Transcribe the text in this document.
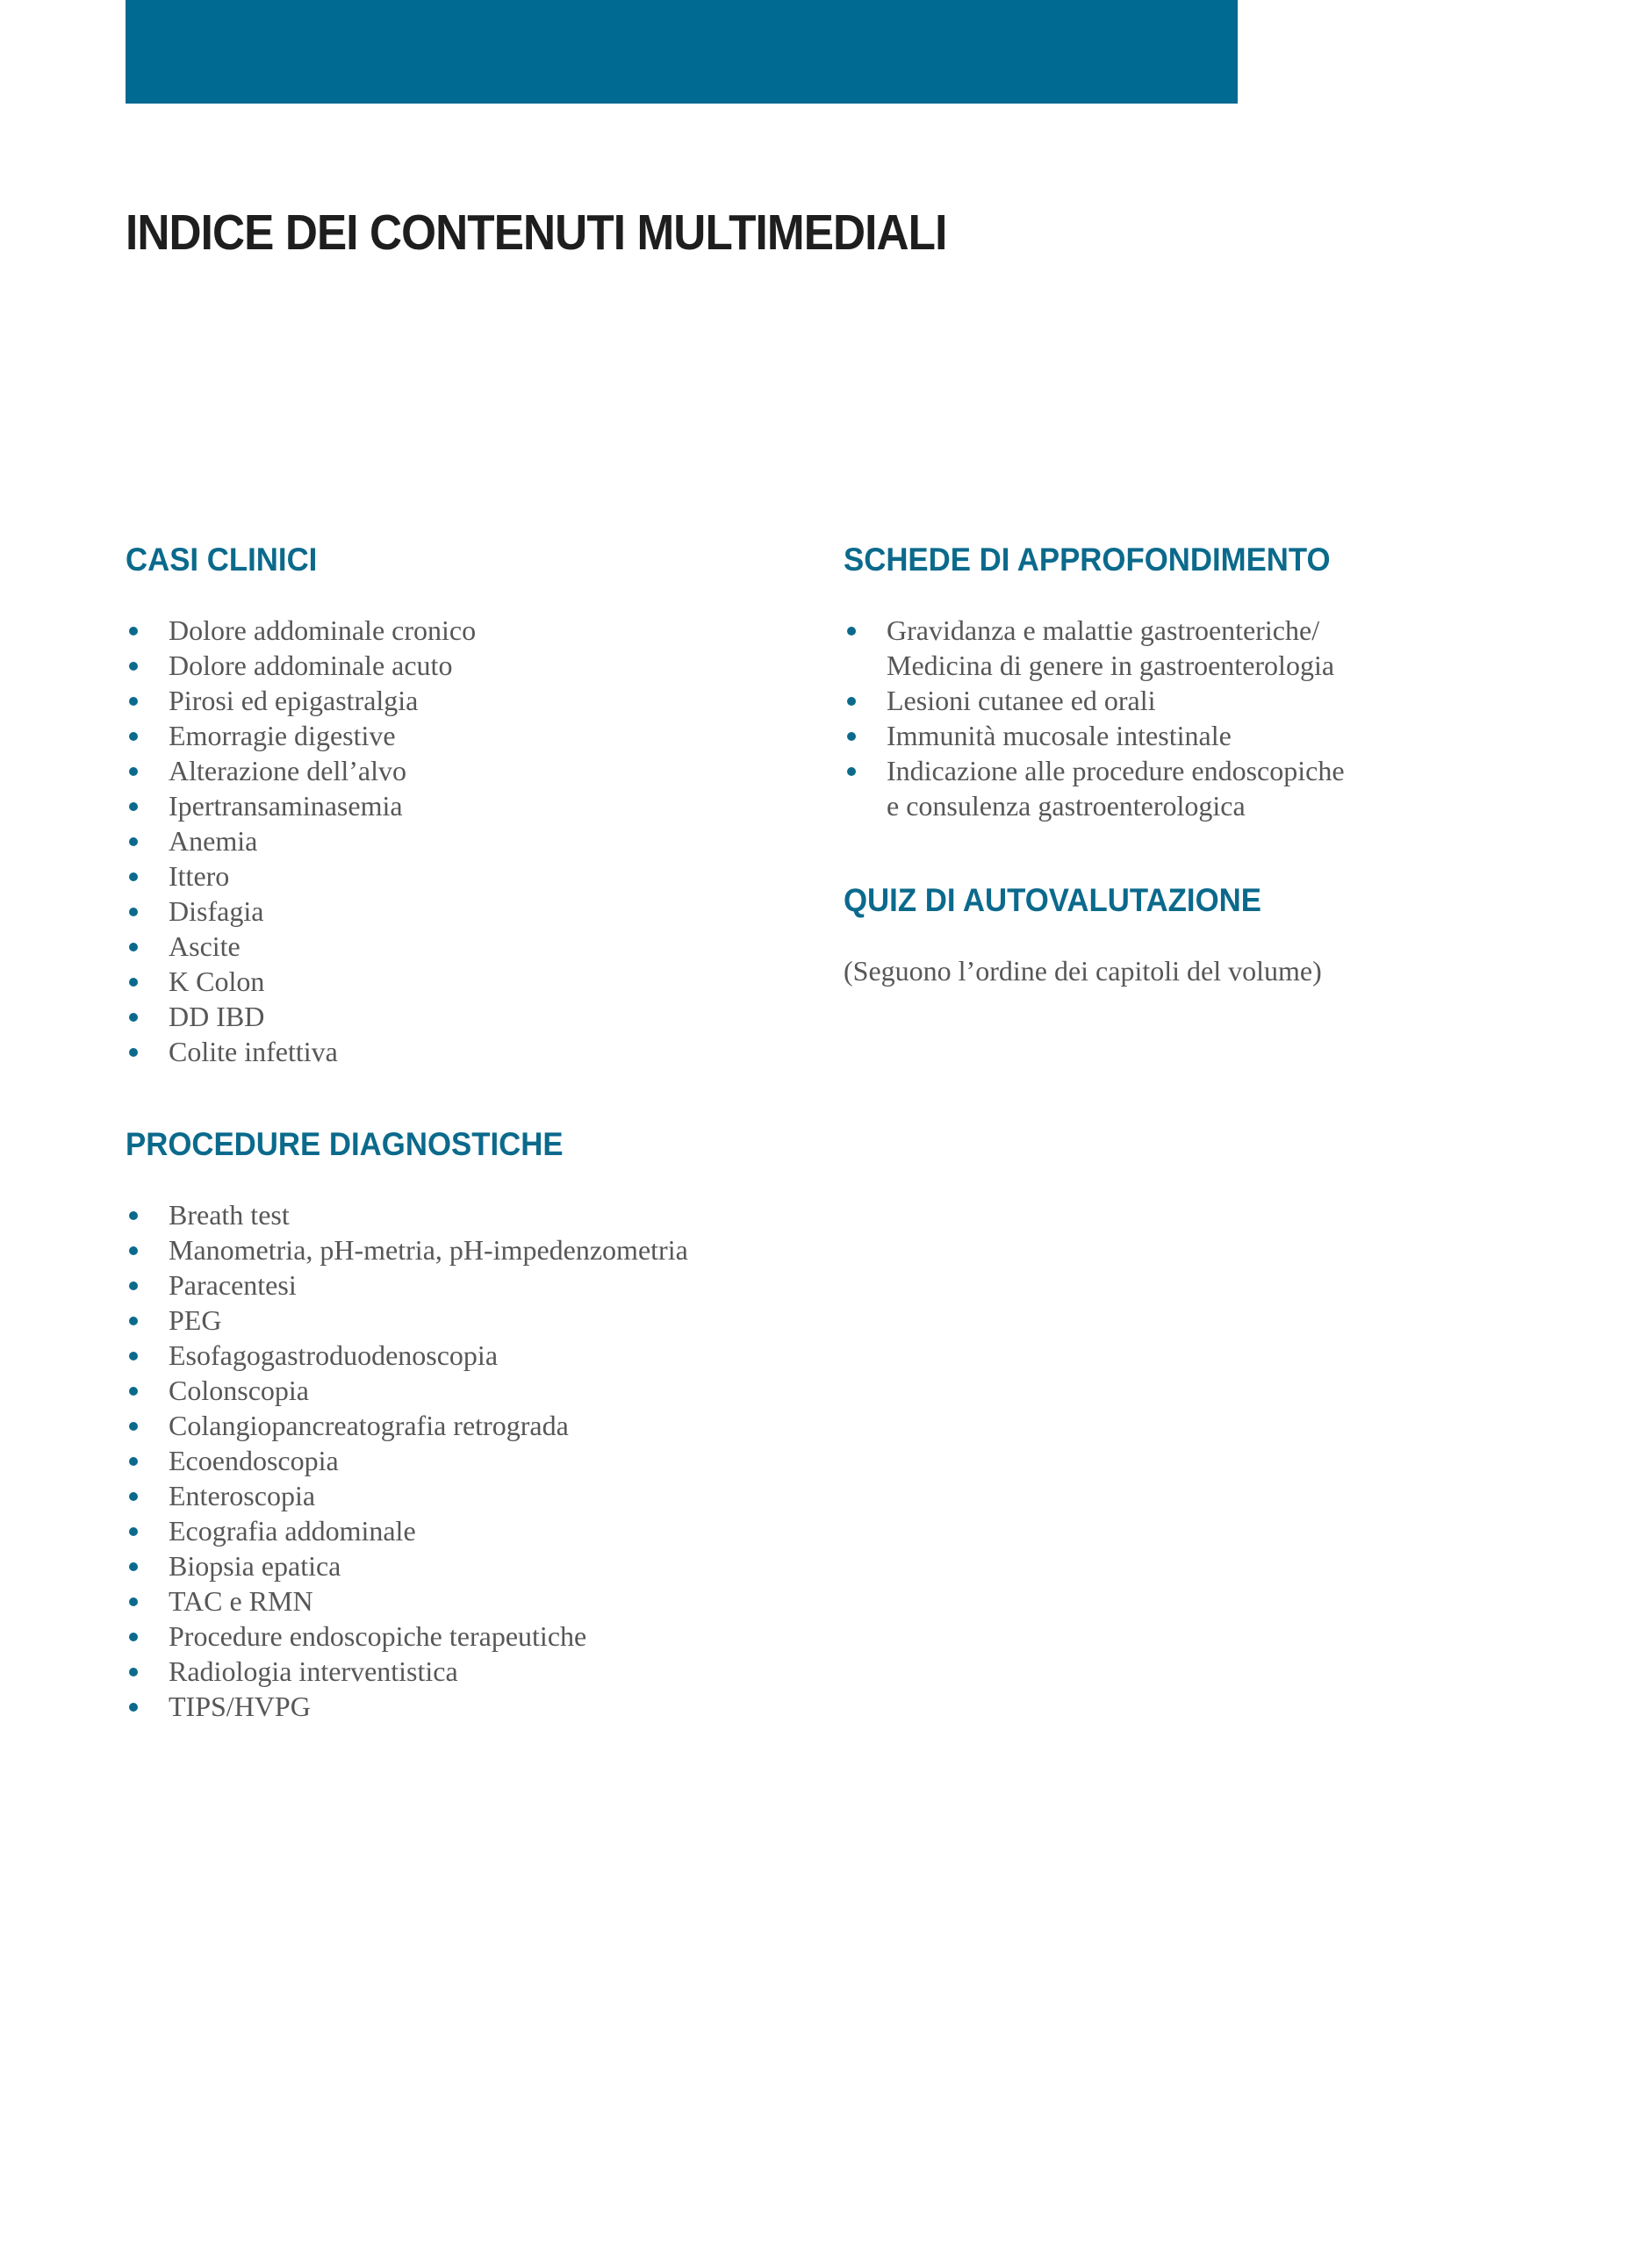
INDICE DEI CONTENUTI MULTIMEDIALI
CASI CLINICI
Dolore addominale cronico
Dolore addominale acuto
Pirosi ed epigastralgia
Emorragie digestive
Alterazione dell’alvo
Ipertransaminasemia
Anemia
Ittero
Disfagia
Ascite
K Colon
DD IBD
Colite infettiva
SCHEDE DI APPROFONDIMENTO
Gravidanza e malattie gastroenteriche/
Medicina di genere in gastroenterologia
Lesioni cutanee ed orali
Immunità mucosale intestinale
Indicazione alle procedure endoscopiche
e consulenza gastroenterologica
QUIZ DI AUTOVALUTAZIONE

(Seguono l’ordine dei capitoli del volume)

PROCEDURE DIAGNOSTICHE
Breath test
Manometria, pH-metria, pH-impedenzometria
Paracentesi
PEG
Esofagogastroduodenoscopia
Colonscopia
Colangiopancreatografia retrograda
Ecoendoscopia
Enteroscopia
Ecografia addominale
Biopsia epatica
TAC e RMN
Procedure endoscopiche terapeutiche
Radiologia interventistica
TIPS/HVPG
